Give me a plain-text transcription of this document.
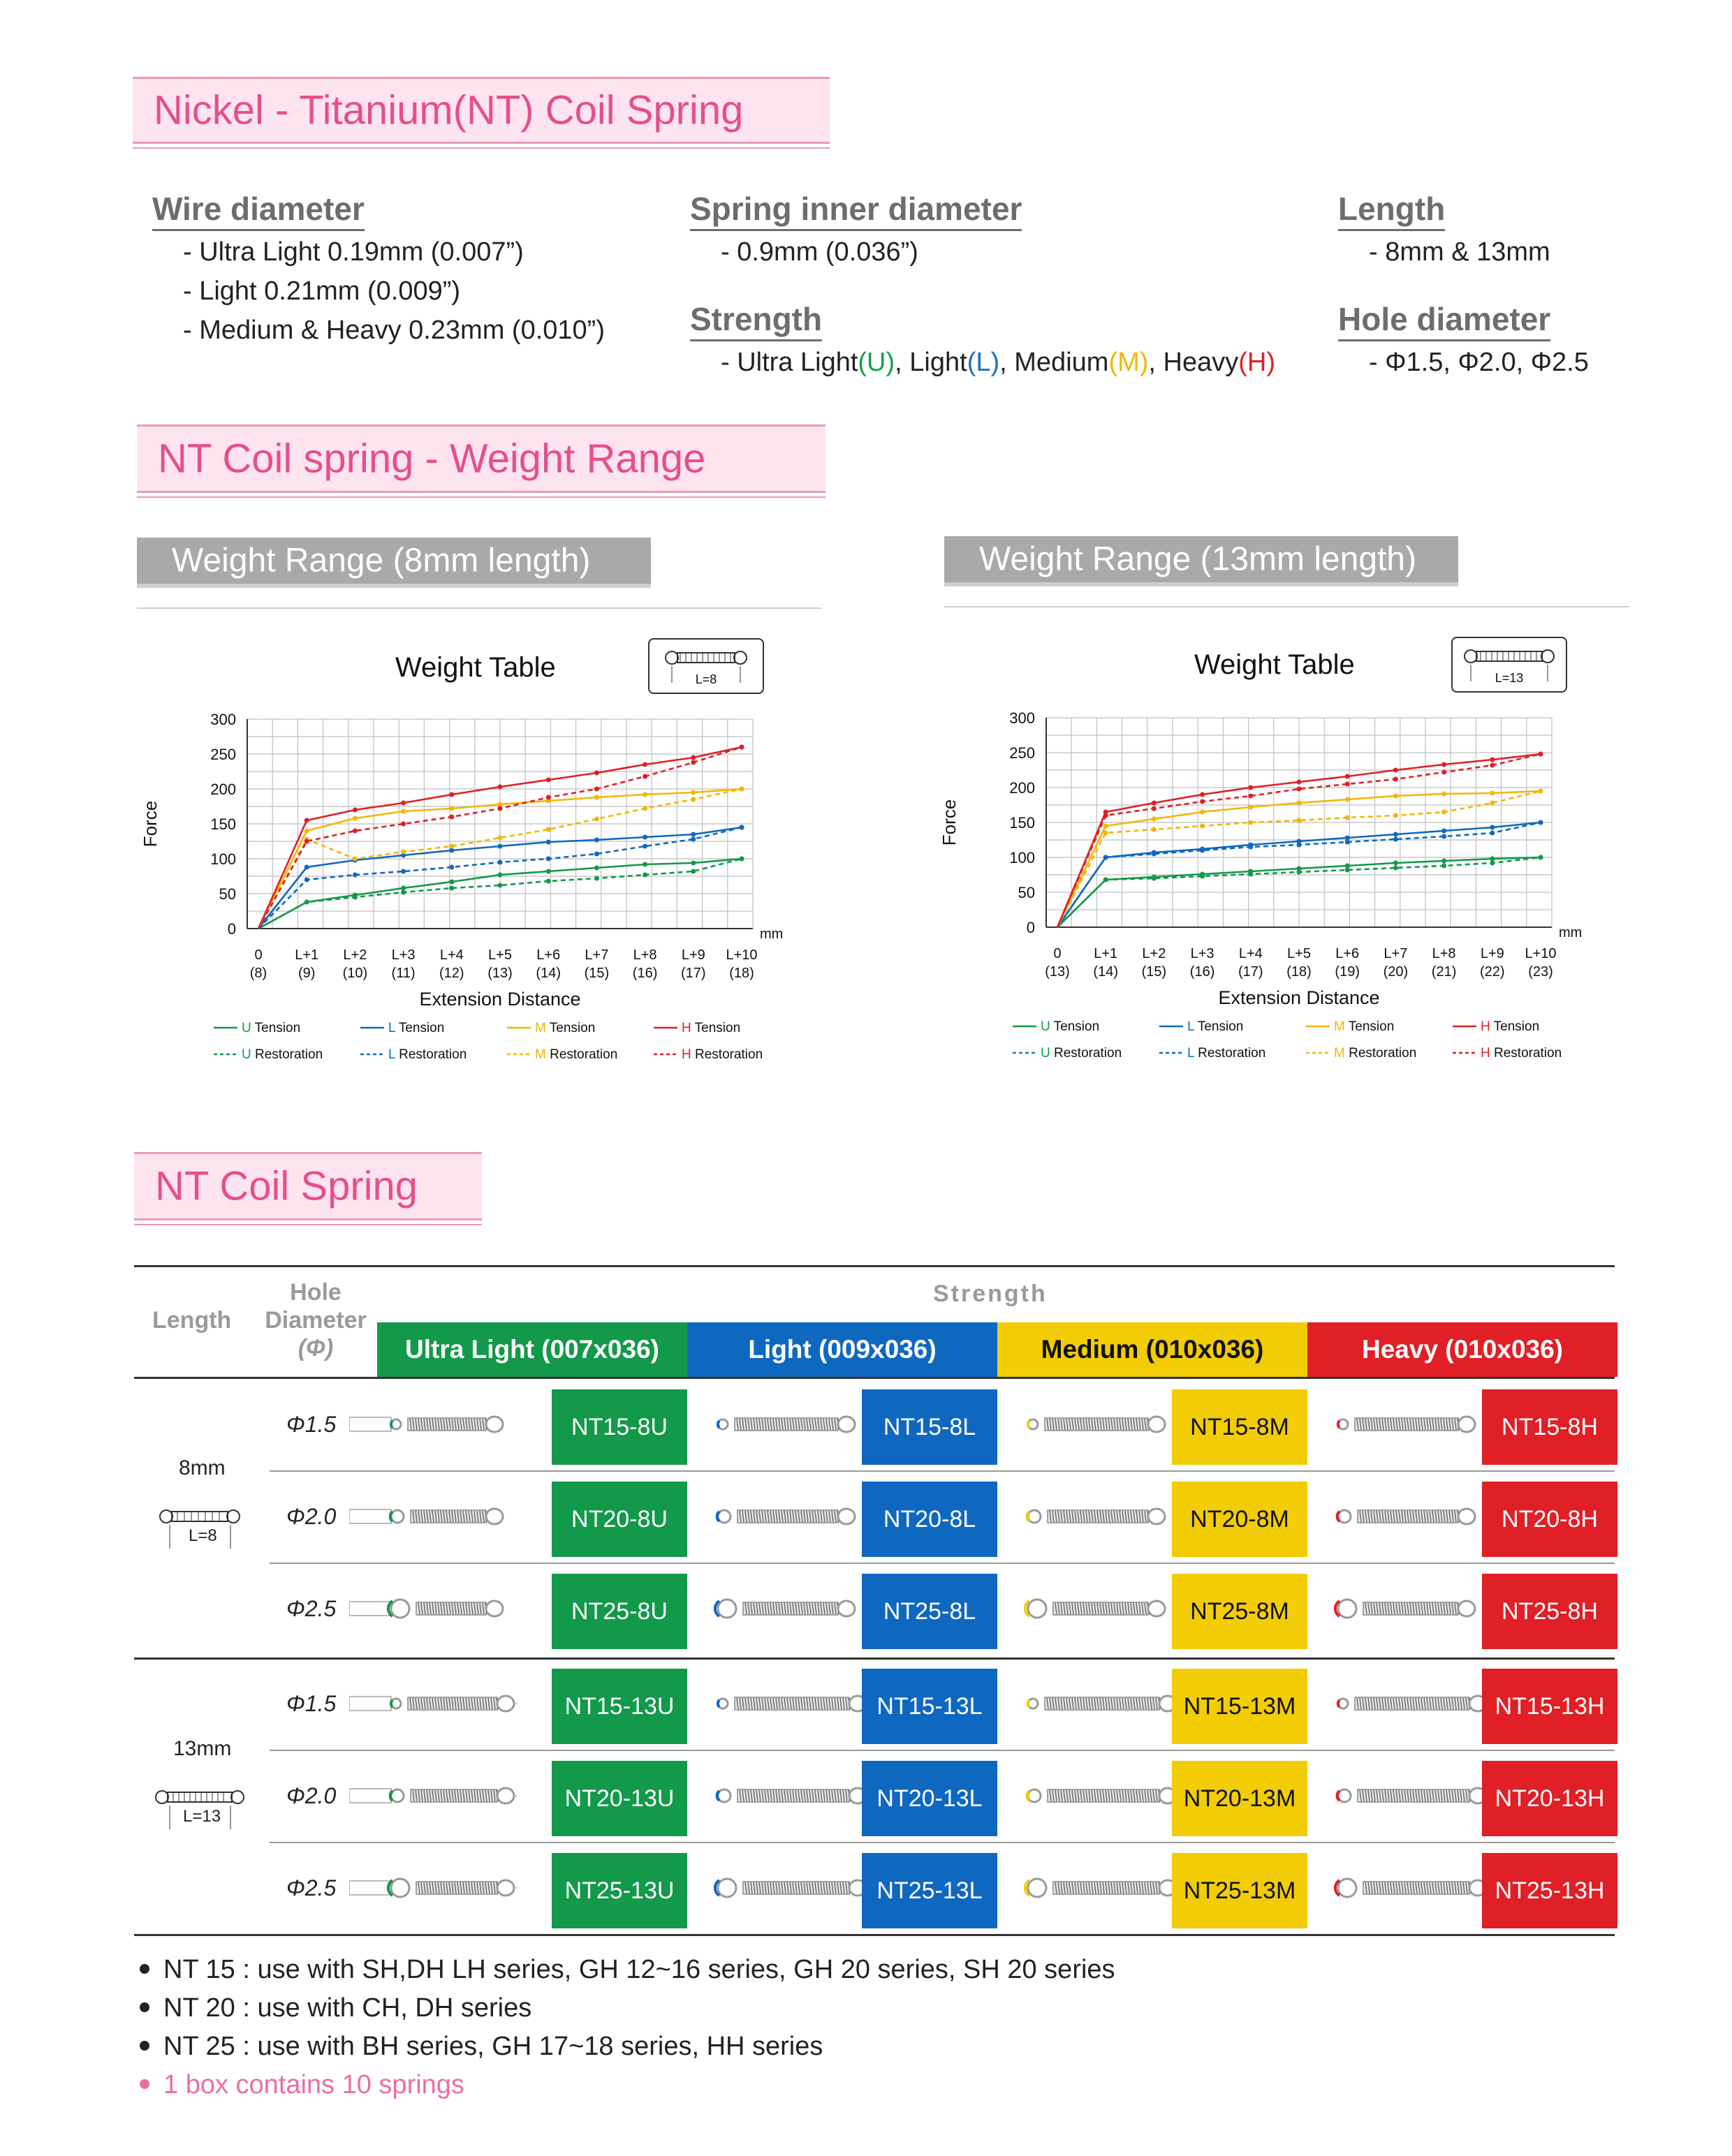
Nickel - Titanium(NT) Coil Spring
Wire diameter
- Ultra Light 0.19mm (0.007”)
- Light 0.21mm (0.009”)
- Medium & Heavy 0.23mm (0.010”)
Spring inner diameter
- 0.9mm (0.036”)
Strength
- Ultra Light(U), Light(L), Medium(M), Heavy(H)
Length
- 8mm & 13mm
Hole diameter
- Φ1.5, Φ2.0, Φ2.5
NT Coil spring - Weight Range
Weight Range (8mm length)	Weight Range (13mm length)
Weight Table	L=8
300
250
200
150
100
50
0
0
(8)
L+1
(9)
L+2
(10)
L+3
(11)
L+4
(12)
L+5
(13)
L+6
(14)
L+7
(15)
L+8
(16)
L+9
(17)
L+10
(18)
mm
Force
Extension Distance
U Tension
U Restoration
L Tension
L Restoration
M Tension
M Restoration
H Tension
H Restoration
Weight Table	L=13
300
250
200
150
100
50
0
0
(13)
L+1
(14)
L+2
(15)
L+3
(16)
L+4
(17)
L+5
(18)
L+6
(19)
L+7
(20)
L+8
(21)
L+9
(22)
L+10
(23)
mm
Force
Extension Distance
U Tension
U Restoration
L Tension
L Restoration
M Tension
M Restoration
H Tension
H Restoration
NT Coil Spring
Length
Hole
Diameter
(Φ)
Strength
Ultra Light (007x036)	Light (009x036)	Medium (010x036)	Heavy (010x036)
8mm
L=8
13mm
L=13
Φ1.5	NT15-8U	NT15-8L	NT15-8M	NT15-8H
Φ2.0	NT20-8U	NT20-8L	NT20-8M	NT20-8H
Φ2.5	NT25-8U	NT25-8L	NT25-8M	NT25-8H
Φ1.5	NT15-13U	NT15-13L	NT15-13M	NT15-13H
Φ2.0	NT20-13U	NT20-13L	NT20-13M	NT20-13H
Φ2.5	NT25-13U	NT25-13L	NT25-13M	NT25-13H
NT 15 : use with SH,DH LH series, GH 12~16 series, GH 20 series, SH 20 series
NT 20 : use with CH, DH series
NT 25 : use with BH series, GH 17~18 series, HH series
1 box contains 10 springs
